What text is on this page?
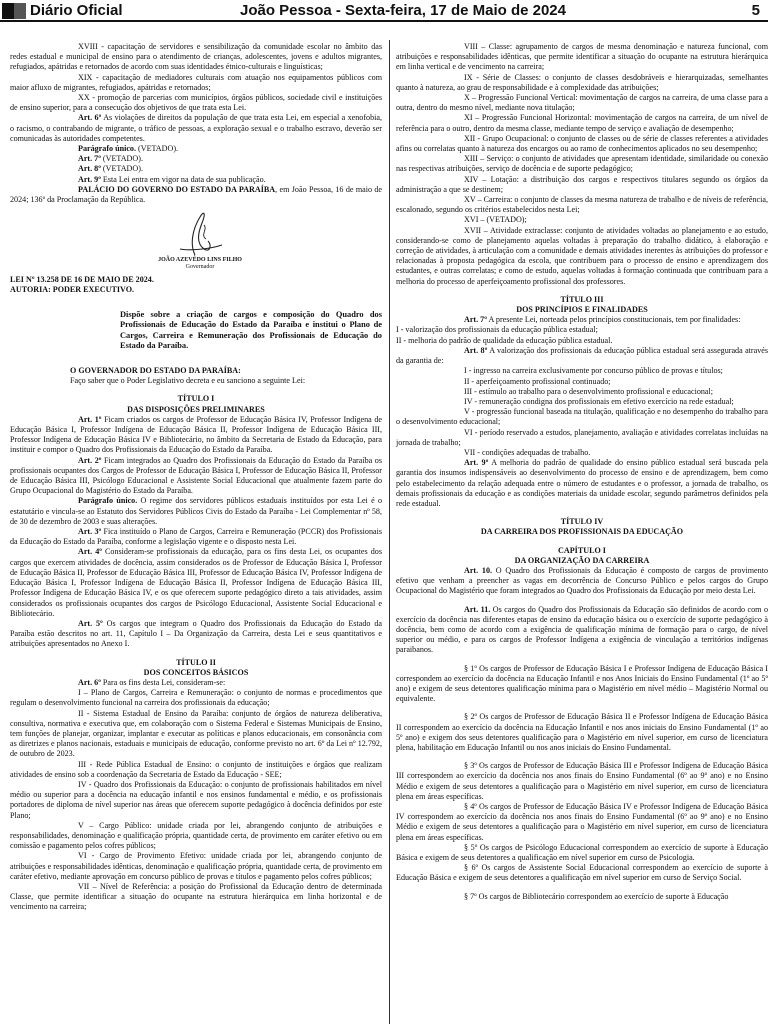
Diário Oficial	João Pessoa - Sexta-feira, 17 de Maio de 2024	5

XVIII - capacitação de servidores e sensibilização da comunidade escolar no âmbito das redes estadual e municipal de ensino para o atendimento de crianças, adolescentes, jovens e adultos migrantes, refugiados, apátridas e retornados de acordo com suas identidades étnico-culturais e linguísticas;

XIX - capacitação de mediadores culturais com atuação nos equipamentos públicos com maior afluxo de migrantes, refugiados, apátridas e retornados;

XX - promoção de parcerias com municípios, órgãos públicos, sociedade civil e instituições de ensino superior, para a consecução dos objetivos de que trata esta Lei.

Art. 6º As violações de direitos da população de que trata esta Lei, em especial a xenofobia, o racismo, o contrabando de migrante, o tráfico de pessoas, a exploração sexual e o trabalho escravo, deverão ser comunicadas às autoridades competentes.

Parágrafo único. (VETADO).

Art. 7º (VETADO).

Art. 8º (VETADO).

Art. 9º Esta Lei entra em vigor na data de sua publicação.

PALÁCIO DO GOVERNO DO ESTADO DA PARAÍBA, em João Pessoa, 16 de maio de 2024; 136º da Proclamação da República.

JOÃO AZEVÊDO LINS FILHO
Governador

LEI Nº 13.258 DE 16 DE MAIO DE 2024.

AUTORIA: PODER EXECUTIVO.

Dispõe sobre a criação de cargos e composição do Quadro dos Profissionais de Educação do Estado da Paraíba e institui o Plano de Cargos, Carreira e Remuneração dos Profissionais de Educação do Estado da Paraíba.

O GOVERNADOR DO ESTADO DA PARAÍBA:

Faço saber que o Poder Legislativo decreta e eu sanciono a seguinte Lei:

TÍTULO I

DAS DISPOSIÇÕES PRELIMINARES

Art. 1º Ficam criados os cargos de Professor de Educação Básica IV, Professor Indígena de Educação Básica I, Professor Indígena de Educação Básica II, Professor Indígena de Educação Básica III, Professor Indígena de Educação Básica IV e Bibliotecário, no âmbito da Secretaria de Estado da Educação, para instituir e compor o Quadro dos Profissionais da Educação do Estado da Paraíba.

Art. 2º Ficam integrados ao Quadro dos Profissionais da Educação do Estado da Paraíba os profissionais ocupantes dos Cargos de Professor de Educação Básica I, Professor de Educação Básica II, Professor de Educação Básica III, Psicólogo Educacional e Assistente Social Educacional que atualmente fazem parte do Grupo Ocupacional do Magistério do Estado da Paraíba.

Parágrafo único. O regime dos servidores públicos estaduais instituídos por esta Lei é o estatutário e vincula-se ao Estatuto dos Servidores Públicos Civis do Estado da Paraíba - Lei Complementar nº 58, de 30 de dezembro de 2003 e suas alterações.

Art. 3º Fica instituído o Plano de Cargos, Carreira e Remuneração (PCCR) dos Profissionais da Educação do Estado da Paraíba, conforme a legislação vigente e o disposto nesta Lei.

Art. 4º Consideram-se profissionais da educação, para os fins desta Lei, os ocupantes dos cargos que exercem atividades de docência, assim considerados os de Professor de Educação Básica I, Professor de Educação Básica II, Professor de Educação Básica III, Professor de Educação Básica IV, Professor Indígena de Educação Básica I, Professor Indígena de Educação Básica II, Professor Indígena de Educação Básica III, Professor Indígena de Educação Básica IV, e os que oferecem suporte pedagógico direto a tais atividades, assim considerados os profissionais ocupantes dos cargos de Psicólogo Educacional, Assistente Social Educacional e Bibliotecário.

Art. 5º Os cargos que integram o Quadro dos Profissionais da Educação do Estado da Paraíba estão descritos no art. 11, Capítulo I – Da Organização da Carreira, desta Lei e seus quantitativos e atribuições apresentados no Anexo I.

TÍTULO II

DOS CONCEITOS BÁSICOS

Art. 6º Para os fins desta Lei, consideram-se:

I – Plano de Cargos, Carreira e Remuneração: o conjunto de normas e procedimentos que regulam o desenvolvimento funcional na carreira dos profissionais da educação;

II - Sistema Estadual de Ensino da Paraíba: conjunto de órgãos de natureza deliberativa, consultiva, normativa e executiva que, em colaboração com o Sistema Federal e Sistemas Municipais de Ensino, tem funções de planejar, organizar, implantar e executar as políticas e planos educacionais, em consonância com as diretrizes e planos nacionais, estaduais e municipais de educação, conforme previsto no art. 6º da Lei nº 12.792, de outubro de 2023.

III - Rede Pública Estadual de Ensino: o conjunto de instituições e órgãos que realizam atividades de ensino sob a coordenação da Secretaria de Estado da Educação - SEE;

IV - Quadro dos Profissionais da Educação: o conjunto de profissionais habilitados em nível médio ou superior para a docência na educação infantil e nos ensinos fundamental e médio, e os profissionais portadores de diploma de nível superior nas áreas que oferecem suporte pedagógico à docência definidos por este Plano;

V – Cargo Público: unidade criada por lei, abrangendo conjunto de atribuições e responsabilidades, denominação e qualificação própria, quantidade certa, de provimento em caráter efetivo ou em comissão e pagamento pelos cofres públicos;

VI - Cargo de Provimento Efetivo: unidade criada por lei, abrangendo conjunto de atribuições e responsabilidades idênticas, denominação e qualificação própria, quantidade certa, de provimento em caráter efetivo, mediante aprovação em concurso público de provas e títulos e pagamento pelos cofres públicos;

VII – Nível de Referência: a posição do Profissional da Educação dentro de determinada Classe, que permite identificar a situação do ocupante na estrutura hierárquica em linha horizontal e de vencimento na carreira;

VIII – Classe: agrupamento de cargos de mesma denominação e natureza funcional, com atribuições e responsabilidades idênticas, que permite identificar a situação do ocupante na estrutura hierárquica em linha vertical e de vencimento na carreira;

IX - Série de Classes: o conjunto de classes desdobráveis e hierarquizadas, semelhantes quanto à natureza, ao grau de responsabilidade e à complexidade das atribuições;

X – Progressão Funcional Vertical: movimentação de cargos na carreira, de uma classe para a outra, dentro do mesmo nível, mediante nova titulação;

XI – Progressão Funcional Horizontal: movimentação de cargos na carreira, de um nível de referência para o outro, dentro da mesma classe, mediante tempo de serviço e avaliação de desempenho;

XII - Grupo Ocupacional: o conjunto de classes ou de série de classes referentes a atividades afins ou correlatas quanto à natureza dos encargos ou ao ramo de conhecimentos aplicados no seu desempenho;

XIII – Serviço: o conjunto de atividades que apresentam identidade, similaridade ou conexão nas respectivas atribuições, serviço de docência e de suporte pedagógico;

XIV – Lotação: a distribuição dos cargos e respectivos titulares segundo os órgãos da administração a que se destinem;

XV – Carreira: o conjunto de classes da mesma natureza de trabalho e de níveis de referência, escalonado, segundo os critérios estabelecidos nesta Lei;

XVI – (VETADO);

XVII – Atividade extraclasse: conjunto de atividades voltadas ao planejamento e ao estudo, considerando-se como de planejamento aquelas voltadas à preparação do trabalho didático, à elaboração e correção de atividades, à articulação com a comunidade e demais atividades inerentes às atribuições do professor e relacionadas à proposta pedagógica da escola, que contribuem para o processo de ensino e aprendizagem dos estudantes, e outras correlatas; e como de estudo, aquelas voltadas à formação continuada que contribuam para a melhoria do processo de aperfeiçoamento profissional dos professores.

TÍTULO III

DOS PRINCÍPIOS E FINALIDADES

Art. 7º A presente Lei, norteada pelos princípios constitucionais, tem por finalidades:

I - valorização dos profissionais da educação pública estadual;

II - melhoria do padrão de qualidade da educação pública estadual.

Art. 8º A valorização dos profissionais da educação pública estadual será assegurada através da garantia de:

I - ingresso na carreira exclusivamente por concurso público de provas e títulos;

II - aperfeiçoamento profissional continuado;

III - estímulo ao trabalho para o desenvolvimento profissional e educacional;

IV - remuneração condigna dos profissionais em efetivo exercício na rede estadual;

V - progressão funcional baseada na titulação, qualificação e no desempenho do trabalho para o desenvolvimento educacional;

VI - período reservado a estudos, planejamento, avaliação e atividades correlatas incluídas na jornada de trabalho;

VII - condições adequadas de trabalho.

Art. 9º A melhoria do padrão de qualidade do ensino público estadual será buscada pela garantia dos insumos indispensáveis ao desenvolvimento do processo de ensino e de aprendizagem, bem como pelo estabelecimento da relação adequada entre o número de estudantes e o professor, a jornada de trabalho, os demais profissionais da educação e as condições materiais da unidade escolar, segundo parâmetros definidos pela rede estadual.

TÍTULO IV

DA CARREIRA DOS PROFISSIONAIS DA EDUCAÇÃO

CAPÍTULO I

DA ORGANIZAÇÃO DA CARREIRA

Art. 10. O Quadro dos Profissionais da Educação é composto de cargos de provimento efetivo que venham a preencher as vagas em decorrência de Concurso Público e pelos cargos do Grupo Ocupacional do Magistério que foram integrados ao Quadro dos Profissionais da Educação por meio desta Lei.

Art. 11. Os cargos do Quadro dos Profissionais da Educação são definidos de acordo com o exercício da docência nas diferentes etapas de ensino da educação básica ou o exercício de suporte pedagógico à docência, bem como de acordo com a exigência de qualificação mínima de formação para o cargo, de nível superior ou médio, e para os cargos de Professor Indígena a exigência de vinculação a territórios indígenas paraibanos.

§ 1º Os cargos de Professor de Educação Básica I e Professor Indígena de Educação Básica I correspondem ao exercício da docência na Educação Infantil e nos Anos Iniciais do Ensino Fundamental (1º ao 5º ano) e exigem de seus detentores qualificação mínima para o Magistério em nível médio – Magistério Normal ou equivalente.

§ 2º Os cargos de Professor de Educação Básica II e Professor Indígena de Educação Básica II correspondem ao exercício da docência na Educação Infantil e nos anos iniciais do Ensino Fundamental (1º ao 5º ano) e exigem dos seus detentores qualificação para o Magistério em nível superior, em curso de licenciatura plena, habilitação em Educação Infantil ou nos anos iniciais do Ensino Fundamental.

§ 3º Os cargos de Professor de Educação Básica III e Professor Indígena de Educação Básica III correspondem ao exercício da docência nos anos finais do Ensino Fundamental (6º ao 9º ano) e no Ensino Médio e exigem de seus detentores a qualificação para o Magistério em nível superior, em curso de licenciatura plena em áreas específicas.

§ 4º Os cargos de Professor de Educação Básica IV e Professor Indígena de Educação Básica IV correspondem ao exercício da docência nos anos finais do Ensino Fundamental (6º ao 9º ano) e no Ensino Médio e exigem de seus detentores a qualificação para o Magistério em nível superior, em curso de licenciatura plena em áreas específicas.

§ 5º Os cargos de Psicólogo Educacional correspondem ao exercício de suporte à Educação Básica e exigem de seus detentores a qualificação em nível superior em curso de Psicologia.

§ 6º Os cargos de Assistente Social Educacional correspondem ao exercício de suporte à Educação Básica e exigem de seus detentores a qualificação em nível superior em curso de Serviço Social.

§ 7º Os cargos de Bibliotecário correspondem ao exercício de suporte à Educação
